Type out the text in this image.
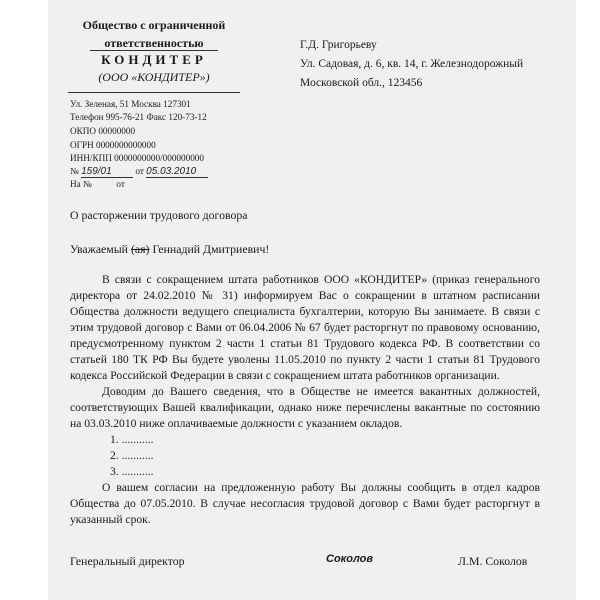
Общество с ограниченной
ответственностью
КОНДИТЕР
(ООО «КОНДИТЕР»)
Ул. Зеленая, 51 Москва 127301
Телефон 995-76-21 Факс 120-73-12
ОКПО 00000000
ОГРН 0000000000000
ИНН/КПП 0000000000/000000000
№ 159/01	от 05.03.2010
На №	от
Г.Д. Григорьеву
Ул. Садовая, д. 6, кв. 14, г. Железнодорожный
Московской обл., 123456
О расторжении трудового договора
Уважаемый (ая) Геннадий Дмитриевич!

В связи с сокращением штата работников ООО «КОНДИТЕР» (приказ генерального директора от 24.02.2010 № 31) информируем Вас о сокращении в штатном расписании Общества должности ведущего специалиста бухгалтерии, которую Вы занимаете. В связи с этим трудовой договор с Вами от 06.04.2006 № 67 будет расторгнут по правовому основанию, предусмотренному пунктом 2 части 1 статьи 81 Трудового кодекса РФ. В соответствии со статьей 180 ТК РФ Вы будете уволены 11.05.2010 по пункту 2 части 1 статьи 81 Трудового кодекса Российской Федерации в связи с сокращением штата работников организации.

Доводим до Вашего сведения, что в Обществе не имеется вакантных должностей, соответствующих Вашей квалификации, однако ниже перечислены вакантные по состоянию на 03.03.2010 ниже оплачиваемые должности с указанием окладов.

1. ...........
2. ...........
3. ...........

О вашем согласии на предложенную работу Вы должны сообщить в отдел кадров Общества до 07.05.2010. В случае несогласия трудовой договор с Вами будет расторгнут в указанный срок.

Генеральный директор	Соколов	Л.М. Соколов
